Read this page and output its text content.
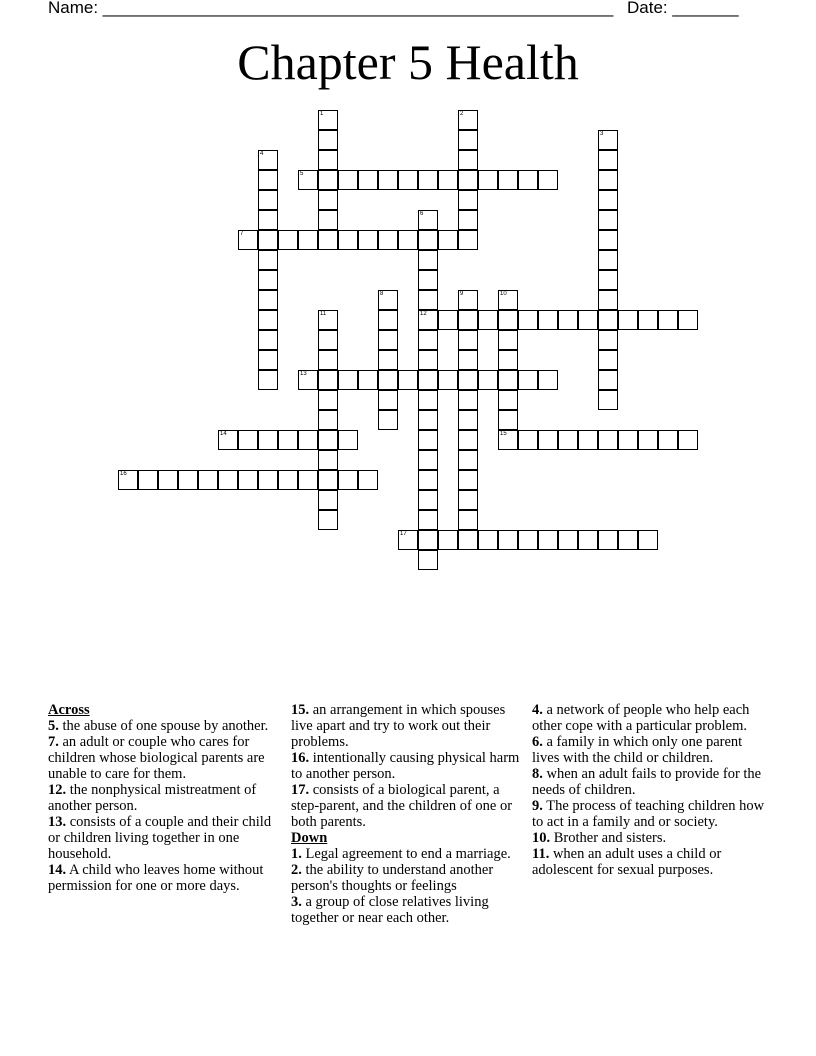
Name: ______________________________________________________ Date: _______
Chapter 5 Health
1	2
3
4
5
6
12
7
8	9	10
15
11
13
14
16
17
Across
5. the abuse of one spouse by another.
7. an adult or couple who cares for children whose biological parents are unable to care for them.
12. the nonphysical mistreatment of another person.
13. consists of a couple and their child or children living together in one household.
14. A child who leaves home without permission for one or more days.
15. an arrangement in which spouses live apart and try to work out their problems.
16. intentionally causing physical harm to another person.
17. consists of a biological parent, a step-parent, and the children of one or both parents.
Down
1. Legal agreement to end a marriage.
2. the ability to understand another person's thoughts or feelings
3. a group of close relatives living together or near each other.
4. a network of people who help each other cope with a particular problem.
6. a family in which only one parent lives with the child or children.
8. when an adult fails to provide for the needs of children.
9. The process of teaching children how to act in a family and or society.
10. Brother and sisters.
11. when an adult uses a child or adolescent for sexual purposes.
